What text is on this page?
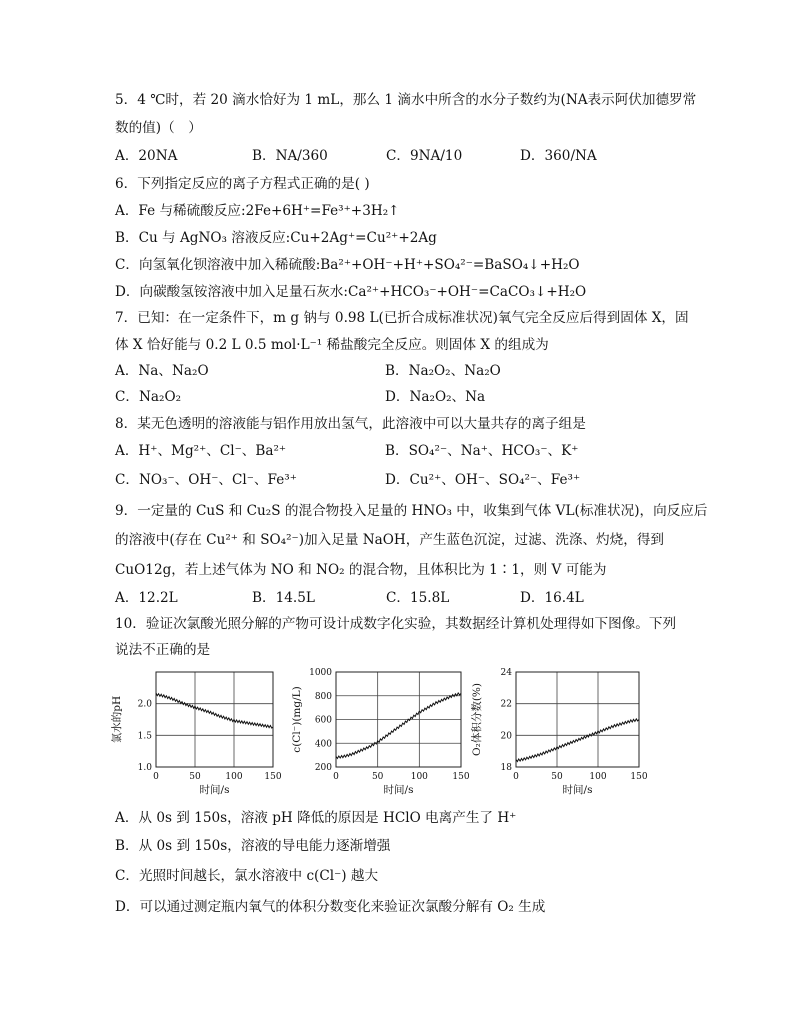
5．4 ℃时，若 20 滴水恰好为 1 mL，那么 1 滴水中所含的水分子数约为(NA表示阿伏加德罗常
数的值)（　）
A．20NA	B．NA/360	C．9NA/10	D．360/NA
6．下列指定反应的离子方程式正确的是( )
A．Fe 与稀硫酸反应:2Fe+6H⁺=Fe³⁺+3H₂↑
B．Cu 与 AgNO₃ 溶液反应:Cu+2Ag⁺=Cu²⁺+2Ag
C．向氢氧化钡溶液中加入稀硫酸:Ba²⁺+OH⁻+H⁺+SO₄²⁻=BaSO₄↓+H₂O
D．向碳酸氢铵溶液中加入足量石灰水:Ca²⁺+HCO₃⁻+OH⁻=CaCO₃↓+H₂O
7．已知：在一定条件下，m g 钠与 0.98 L(已折合成标准状况)氧气完全反应后得到固体 X，固
体 X 恰好能与 0.2 L 0.5 mol·L⁻¹ 稀盐酸完全反应。则固体 X 的组成为
A．Na、Na₂O	B．Na₂O₂、Na₂O
C．Na₂O₂	D．Na₂O₂、Na
8．某无色透明的溶液能与铝作用放出氢气，此溶液中可以大量共存的离子组是
A．H⁺、Mg²⁺、Cl⁻、Ba²⁺	B．SO₄²⁻、Na⁺、HCO₃⁻、K⁺
C．NO₃⁻、OH⁻、Cl⁻、Fe³⁺	D．Cu²⁺、OH⁻、SO₄²⁻、Fe³⁺
9．一定量的 CuS 和 Cu₂S 的混合物投入足量的 HNO₃ 中，收集到气体 VL(标准状况)，向反应后
的溶液中(存在 Cu²⁺ 和 SO₄²⁻)加入足量 NaOH，产生蓝色沉淀，过滤、洗涤、灼烧，得到
CuO12g，若上述气体为 NO 和 NO₂ 的混合物，且体积比为 1∶1，则 V 可能为
A．12.2L	B．14.5L	C．15.8L	D．16.4L
10．验证次氯酸光照分解的产物可设计成数字化实验，其数据经计算机处理得如下图像。下列
说法不正确的是
0	50	100 150
1.0
1.5
2.0
时间/s
氯水的pH
0	50	100	150
200
400
600
800
1000
时间/s
c(Cl⁻)(mg/L)
0	50	100	150
18
20
22
24
时间/s
O₂体积分数(%)
A．从 0s 到 150s，溶液 pH 降低的原因是 HClO 电离产生了 H⁺
B．从 0s 到 150s，溶液的导电能力逐渐增强
C．光照时间越长，氯水溶液中 c(Cl⁻) 越大
D．可以通过测定瓶内氧气的体积分数变化来验证次氯酸分解有 O₂ 生成
